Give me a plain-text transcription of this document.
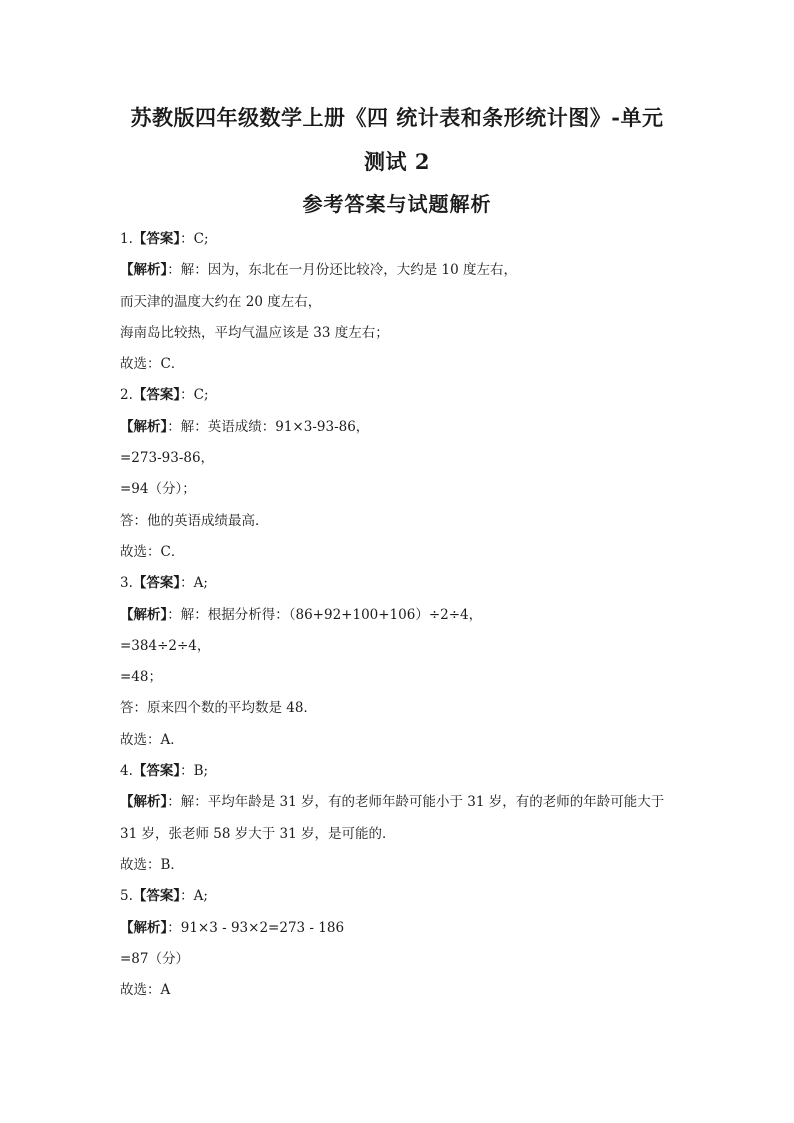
苏教版四年级数学上册《四 统计表和条形统计图》-单元
测试 2
参考答案与试题解析
1.【答案】：C;
【解析】：解：因为，东北在一月份还比较冷，大约是 10 度左右，
而天津的温度大约在 20 度左右，
海南岛比较热，平均气温应该是 33 度左右；
故选：C．
2.【答案】：C;
【解析】：解：英语成绩：91×3-93-86，
=273-93-86，
=94（分）；
答：他的英语成绩最高．
故选：C．
3.【答案】：A;
【解析】：解：根据分析得：（86+92+100+106）÷2÷4，
=384÷2÷4，
=48；
答：原来四个数的平均数是 48．
故选：A．
4.【答案】：B;
【解析】：解：平均年龄是 31 岁，有的老师年龄可能小于 31 岁，有的老师的年龄可能大于
31 岁，张老师 58 岁大于 31 岁，是可能的．
故选：B．
5.【答案】：A;
【解析】：91×3 - 93×2=273 - 186
=87（分）
故选：A
